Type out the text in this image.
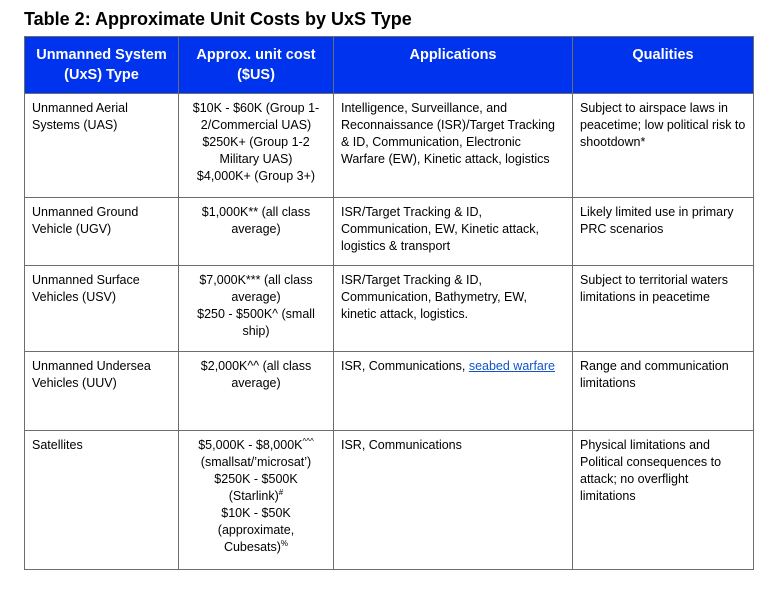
Table 2: Approximate Unit Costs by UxS Type
Unmanned System (UxS) Type	Approx. unit cost ($US)	Applications	Qualities
Unmanned Aerial Systems (UAS)	$10K - $60K (Group 1-2/Commercial UAS)
$250K+ (Group 1-2 Military UAS)
$4,000K+ (Group 3+)	Intelligence, Surveillance, and Reconnaissance (ISR)/Target Tracking & ID, Communication, Electronic Warfare (EW), Kinetic attack, logistics	Subject to airspace laws in peacetime; low political risk to shootdown*
Unmanned Ground Vehicle (UGV)	$1,000K** (all class average)	ISR/Target Tracking & ID, Communication, EW, Kinetic attack, logistics & transport	Likely limited use in primary PRC scenarios
Unmanned Surface Vehicles (USV)	$7,000K*** (all class average)
$250 - $500K^ (small ship)	ISR/Target Tracking & ID, Communication, Bathymetry, EW, kinetic attack, logistics.	Subject to territorial waters limitations in peacetime
Unmanned Undersea Vehicles (UUV)	$2,000K^^ (all class average)	ISR, Communications, seabed warfare	Range and communication limitations
Satellites	$5,000K - $8,000K^^^ (smallsat/’microsat’)
$250K - $500K (Starlink)#
$10K - $50K (approximate, Cubesats)%	ISR, Communications	Physical limitations and Political consequences to attack; no overflight limitations
